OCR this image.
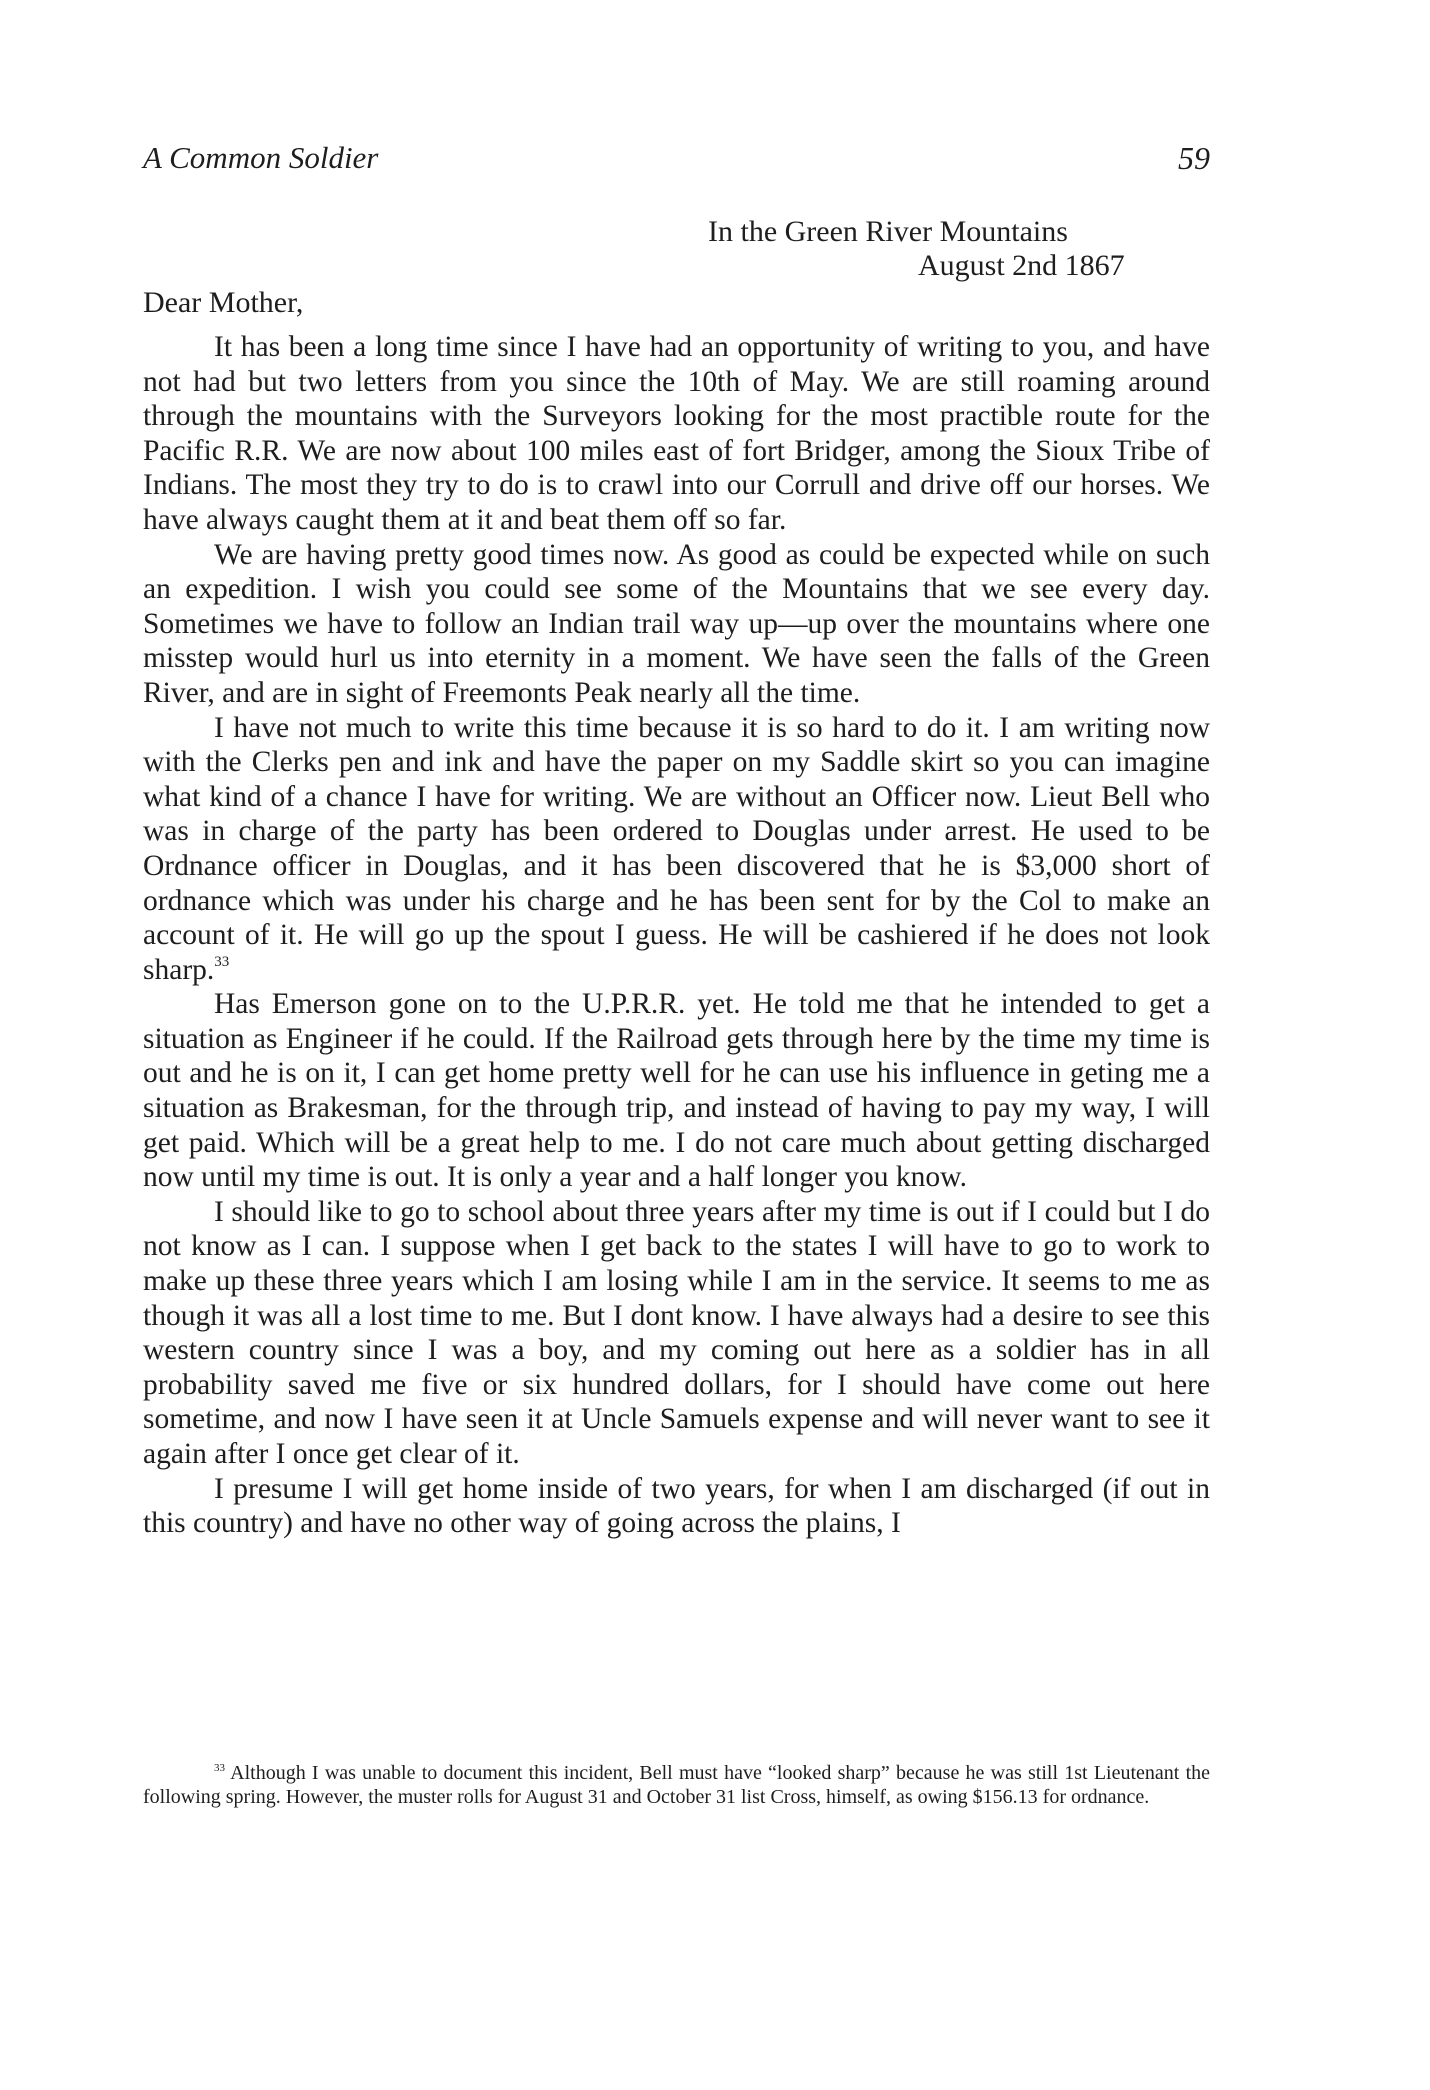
A Common Soldier	59
In the Green River Mountains
August 2nd 1867
Dear Mother,

It has been a long time since I have had an opportunity of writing to you, and have not had but two letters from you since the 10th of May. We are still roaming around through the mountains with the Surveyors looking for the most practible route for the Pacific R.R. We are now about 100 miles east of fort Bridger, among the Sioux Tribe of Indians. The most they try to do is to crawl into our Corrull and drive off our horses. We have always caught them at it and beat them off so far.

We are having pretty good times now. As good as could be expected while on such an expedition. I wish you could see some of the Mountains that we see every day. Sometimes we have to follow an Indian trail way up—up over the mountains where one misstep would hurl us into eternity in a moment. We have seen the falls of the Green River, and are in sight of Freemonts Peak nearly all the time.

I have not much to write this time because it is so hard to do it. I am writing now with the Clerks pen and ink and have the paper on my Saddle skirt so you can imagine what kind of a chance I have for writing. We are without an Officer now. Lieut Bell who was in charge of the party has been ordered to Douglas under arrest. He used to be Ordnance officer in Douglas, and it has been discovered that he is $3,000 short of ordnance which was under his charge and he has been sent for by the Col to make an account of it. He will go up the spout I guess. He will be cashiered if he does not look sharp.$^{33}$

Has Emerson gone on to the U.P.R.R. yet. He told me that he intended to get a situation as Engineer if he could. If the Railroad gets through here by the time my time is out and he is on it, I can get home pretty well for he can use his influence in geting me a situation as Brakesman, for the through trip, and instead of having to pay my way, I will get paid. Which will be a great help to me. I do not care much about getting discharged now until my time is out. It is only a year and a half longer you know.

I should like to go to school about three years after my time is out if I could but I do not know as I can. I suppose when I get back to the states I will have to go to work to make up these three years which I am losing while I am in the service. It seems to me as though it was all a lost time to me. But I dont know. I have always had a desire to see this western country since I was a boy, and my coming out here as a soldier has in all probability saved me five or six hundred dollars, for I should have come out here sometime, and now I have seen it at Uncle Samuels expense and will never want to see it again after I once get clear of it.

I presume I will get home inside of two years, for when I am discharged (if out in this country) and have no other way of going across the plains, I

$^{33}$ Although I was unable to document this incident, Bell must have “looked sharp” because he was still 1st Lieutenant the following spring. However, the muster rolls for August 31 and October 31 list Cross, himself, as owing $156.13 for ordnance.
